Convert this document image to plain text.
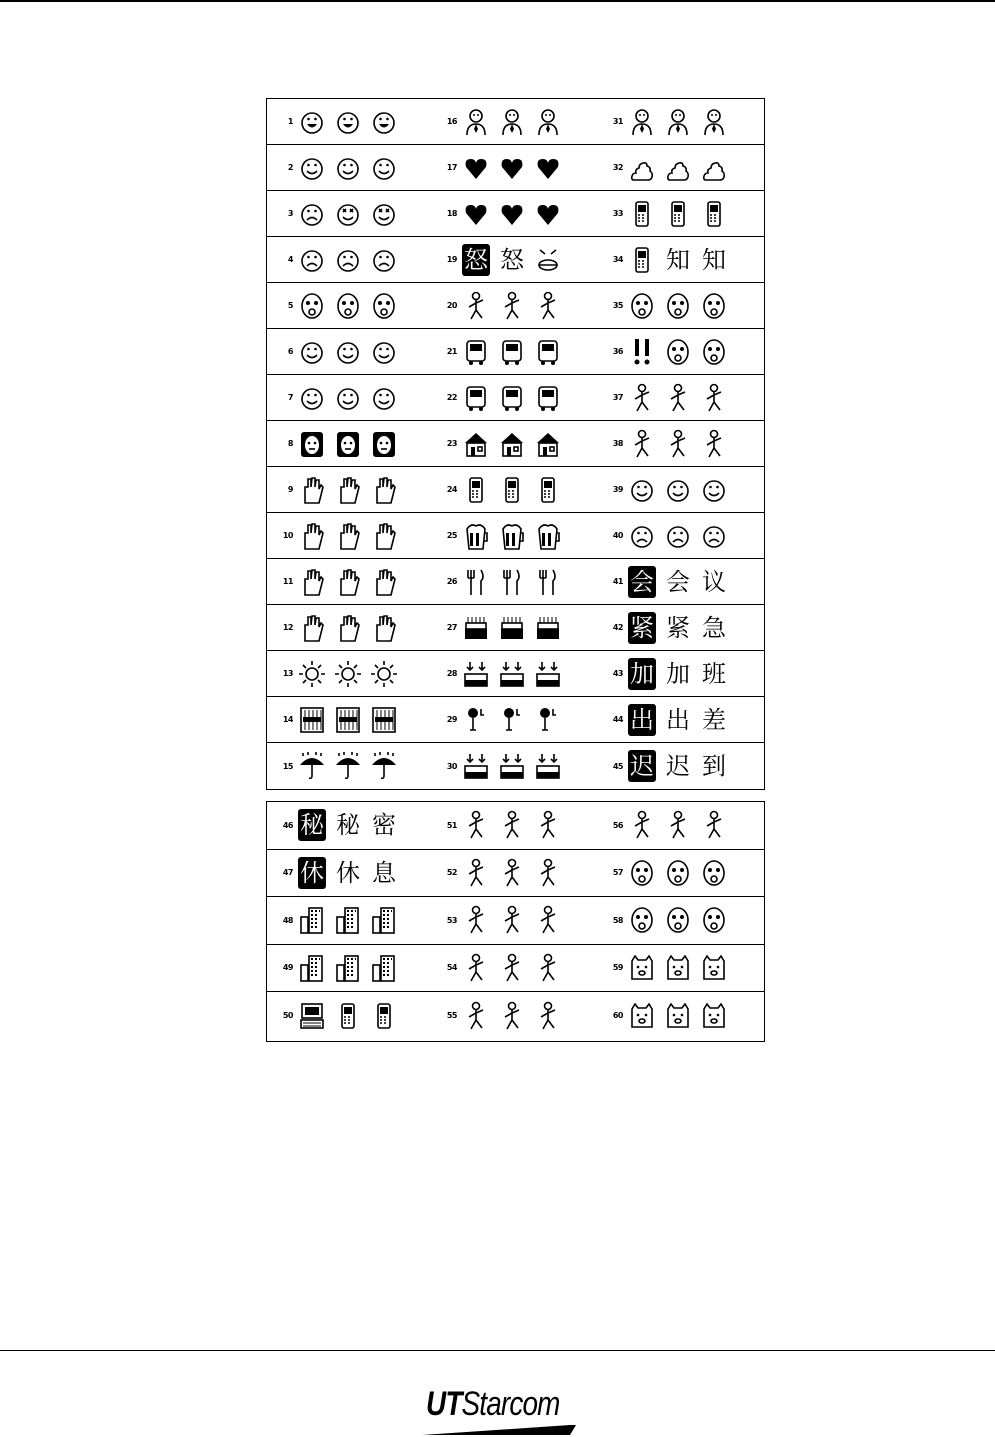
1	16	31
2	17	32
3	18	33
4	19 怒 怒	34 知 知
5	20	35
6	21	36
7	22	37
8	23	38
9	24	39
10	25	40
11	26	41 会 会 议
12	27	42 紧 紧 急
13	28	43 加 加 班
14	29	44 出 出 差
15	30	45 迟 迟 到
46 秘 秘 密	51	56
47 休 休 息	52	57
48	53	58
49	54	59
50	55	60
UTStarcom
